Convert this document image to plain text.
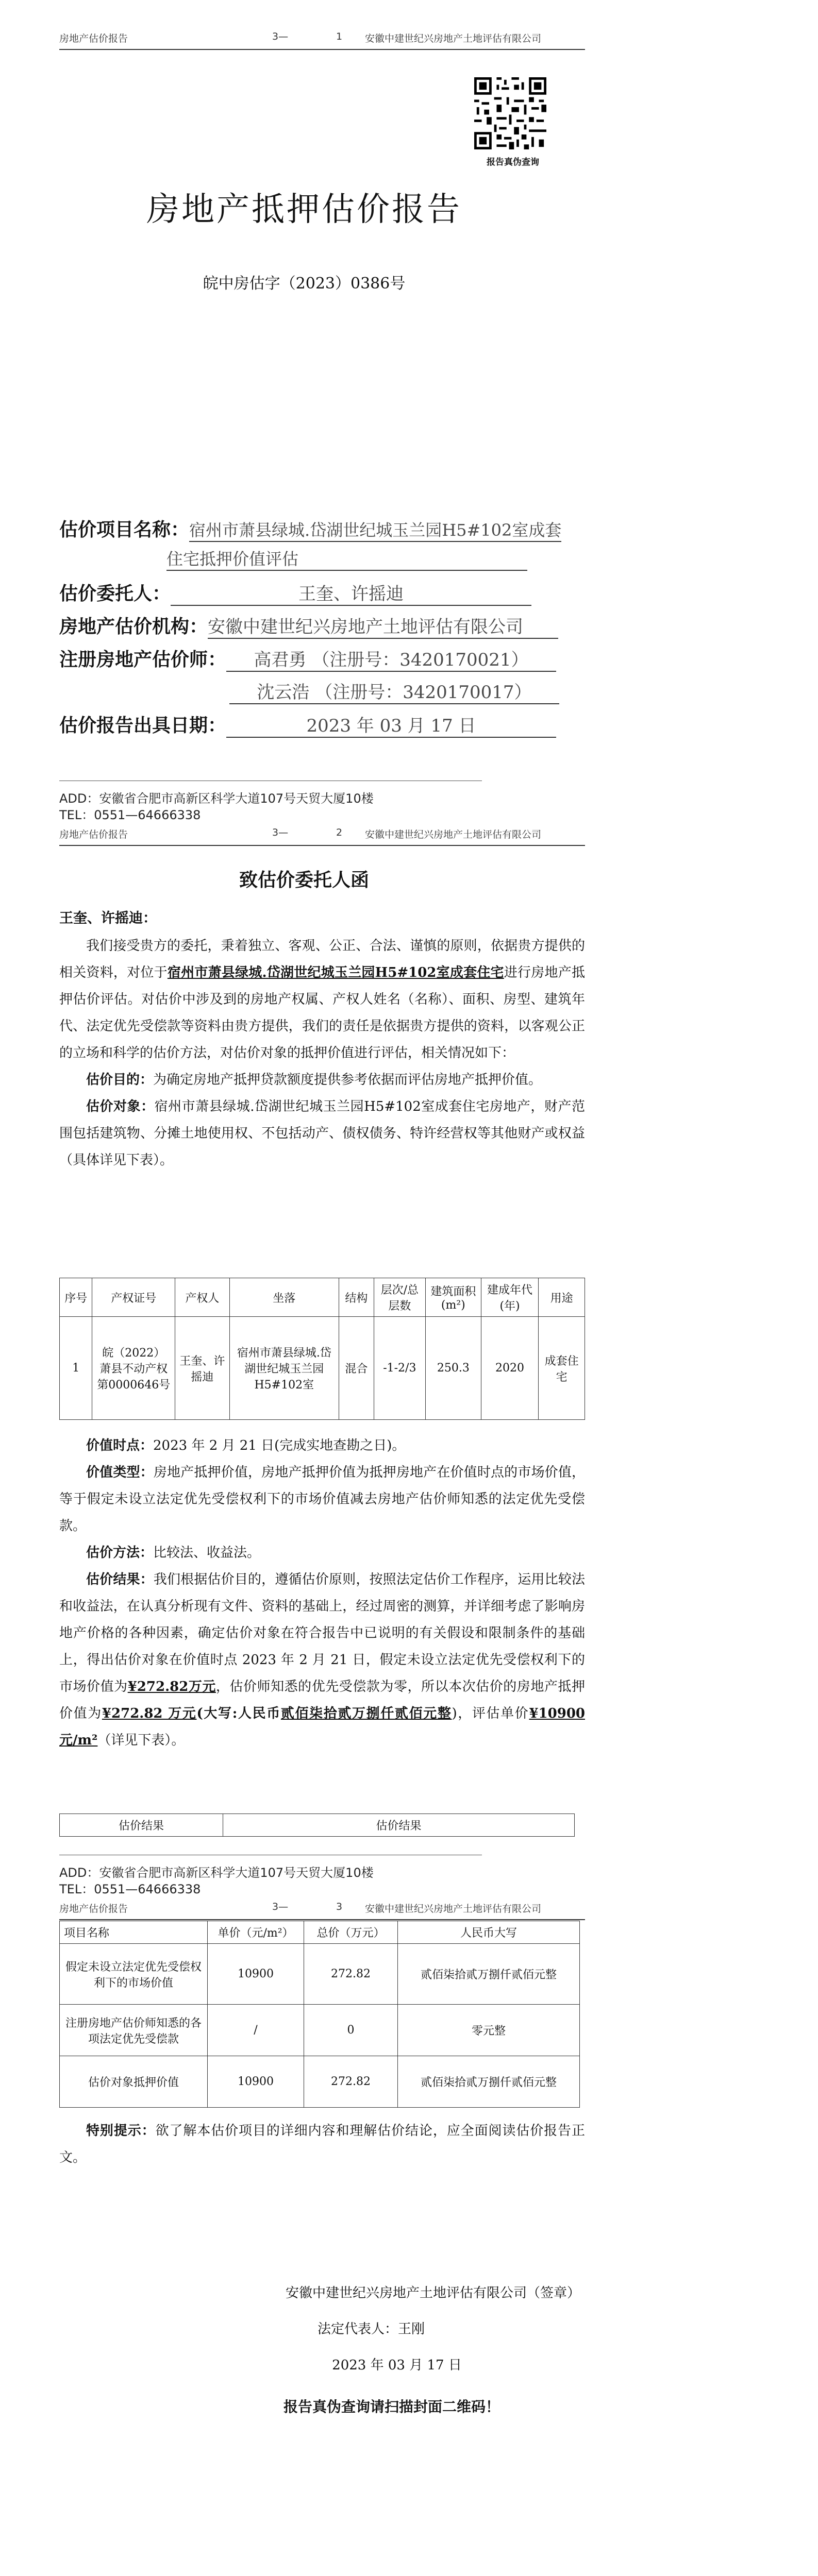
房地产估价报告	3—	1 安徽中建世纪兴房地产土地评估有限公司
报告真伪查询
房地产抵押估价报告
皖中房估字（2023）0386号
估价项目名称：宿州市萧县绿城.岱湖世纪城玉兰园H5#102室成套
住宅抵押价值评估
估价委托人：	王奎、许摇迪
房地产估价机构：安徽中建世纪兴房地产土地评估有限公司
注册房地产估价师： 高君勇 （注册号：3420170021）
沈云浩 （注册号：3420170017）
估价报告出具日期：	2023 年 03 月 17 日
ADD：安徽省合肥市高新区科学大道107号天贸大厦10楼
TEL：0551—64666338
房地产估价报告	3—	2 安徽中建世纪兴房地产土地评估有限公司
致估价委托人函
王奎、许摇迪：

我们接受贵方的委托，秉着独立、客观、公正、合法、谨慎的原则，依据贵方提供的相关资料，对位于宿州市萧县绿城.岱湖世纪城玉兰园H5#102室成套住宅进行房地产抵押估价评估。对估价中涉及到的房地产权属、产权人姓名（名称）、面积、房型、建筑年代、法定优先受偿款等资料由贵方提供，我们的责任是依据贵方提供的资料，以客观公正的立场和科学的估价方法，对估价对象的抵押价值进行评估，相关情况如下：

估价目的：为确定房地产抵押贷款额度提供参考依据而评估房地产抵押价值。

估价对象：宿州市萧县绿城.岱湖世纪城玉兰园H5#102室成套住宅房地产，财产范围包括建筑物、分摊土地使用权、不包括动产、债权债务、特许经营权等其他财产或权益（具体详见下表）。

序号	产权证号	产权人	坐落	结构	层次/总层数	建筑面积(m²)	建成年代(年)	用途
1	皖（2022）萧县不动产权第0000646号	王奎、许摇迪	宿州市萧县绿城.岱湖世纪城玉兰园H5#102室	混合	-1-2/3	250.3	2020	成套住宅

价值时点：2023 年 2 月 21 日(完成实地查勘之日)。

价值类型：房地产抵押价值，房地产抵押价值为抵押房地产在价值时点的市场价值，等于假定未设立法定优先受偿权利下的市场价值减去房地产估价师知悉的法定优先受偿款。

估价方法：比较法、收益法。

估价结果：我们根据估价目的，遵循估价原则，按照法定估价工作程序，运用比较法和收益法，在认真分析现有文件、资料的基础上，经过周密的测算，并详细考虑了影响房地产价格的各种因素，确定估价对象在符合报告中已说明的有关假设和限制条件的基础上，得出估价对象在价值时点 2023 年 2 月 21 日，假定未设立法定优先受偿权利下的市场价值为¥272.82万元，估价师知悉的优先受偿款为零，所以本次估价的房地产抵押价值为¥272.82 万元(大写:人民币贰佰柒拾贰万捌仟贰佰元整)，评估单价¥10900元/m²（详见下表）。

估价结果	估价结果
ADD：安徽省合肥市高新区科学大道107号天贸大厦10楼
TEL：0551—64666338
房地产估价报告	3—	3 安徽中建世纪兴房地产土地评估有限公司
项目名称	单价（元/m²）	总价（万元）	人民币大写
假定未设立法定优先受偿权利下的市场价值	10900	272.82	贰佰柒拾贰万捌仟贰佰元整
注册房地产估价师知悉的各项法定优先受偿款	/	0	零元整
估价对象抵押价值	10900	272.82	贰佰柒拾贰万捌仟贰佰元整

特别提示：欲了解本估价项目的详细内容和理解估价结论，应全面阅读估价报告正文。

安徽中建世纪兴房地产土地评估有限公司（签章）
法定代表人：王刚
2023 年 03 月 17 日
报告真伪查询请扫描封面二维码！
